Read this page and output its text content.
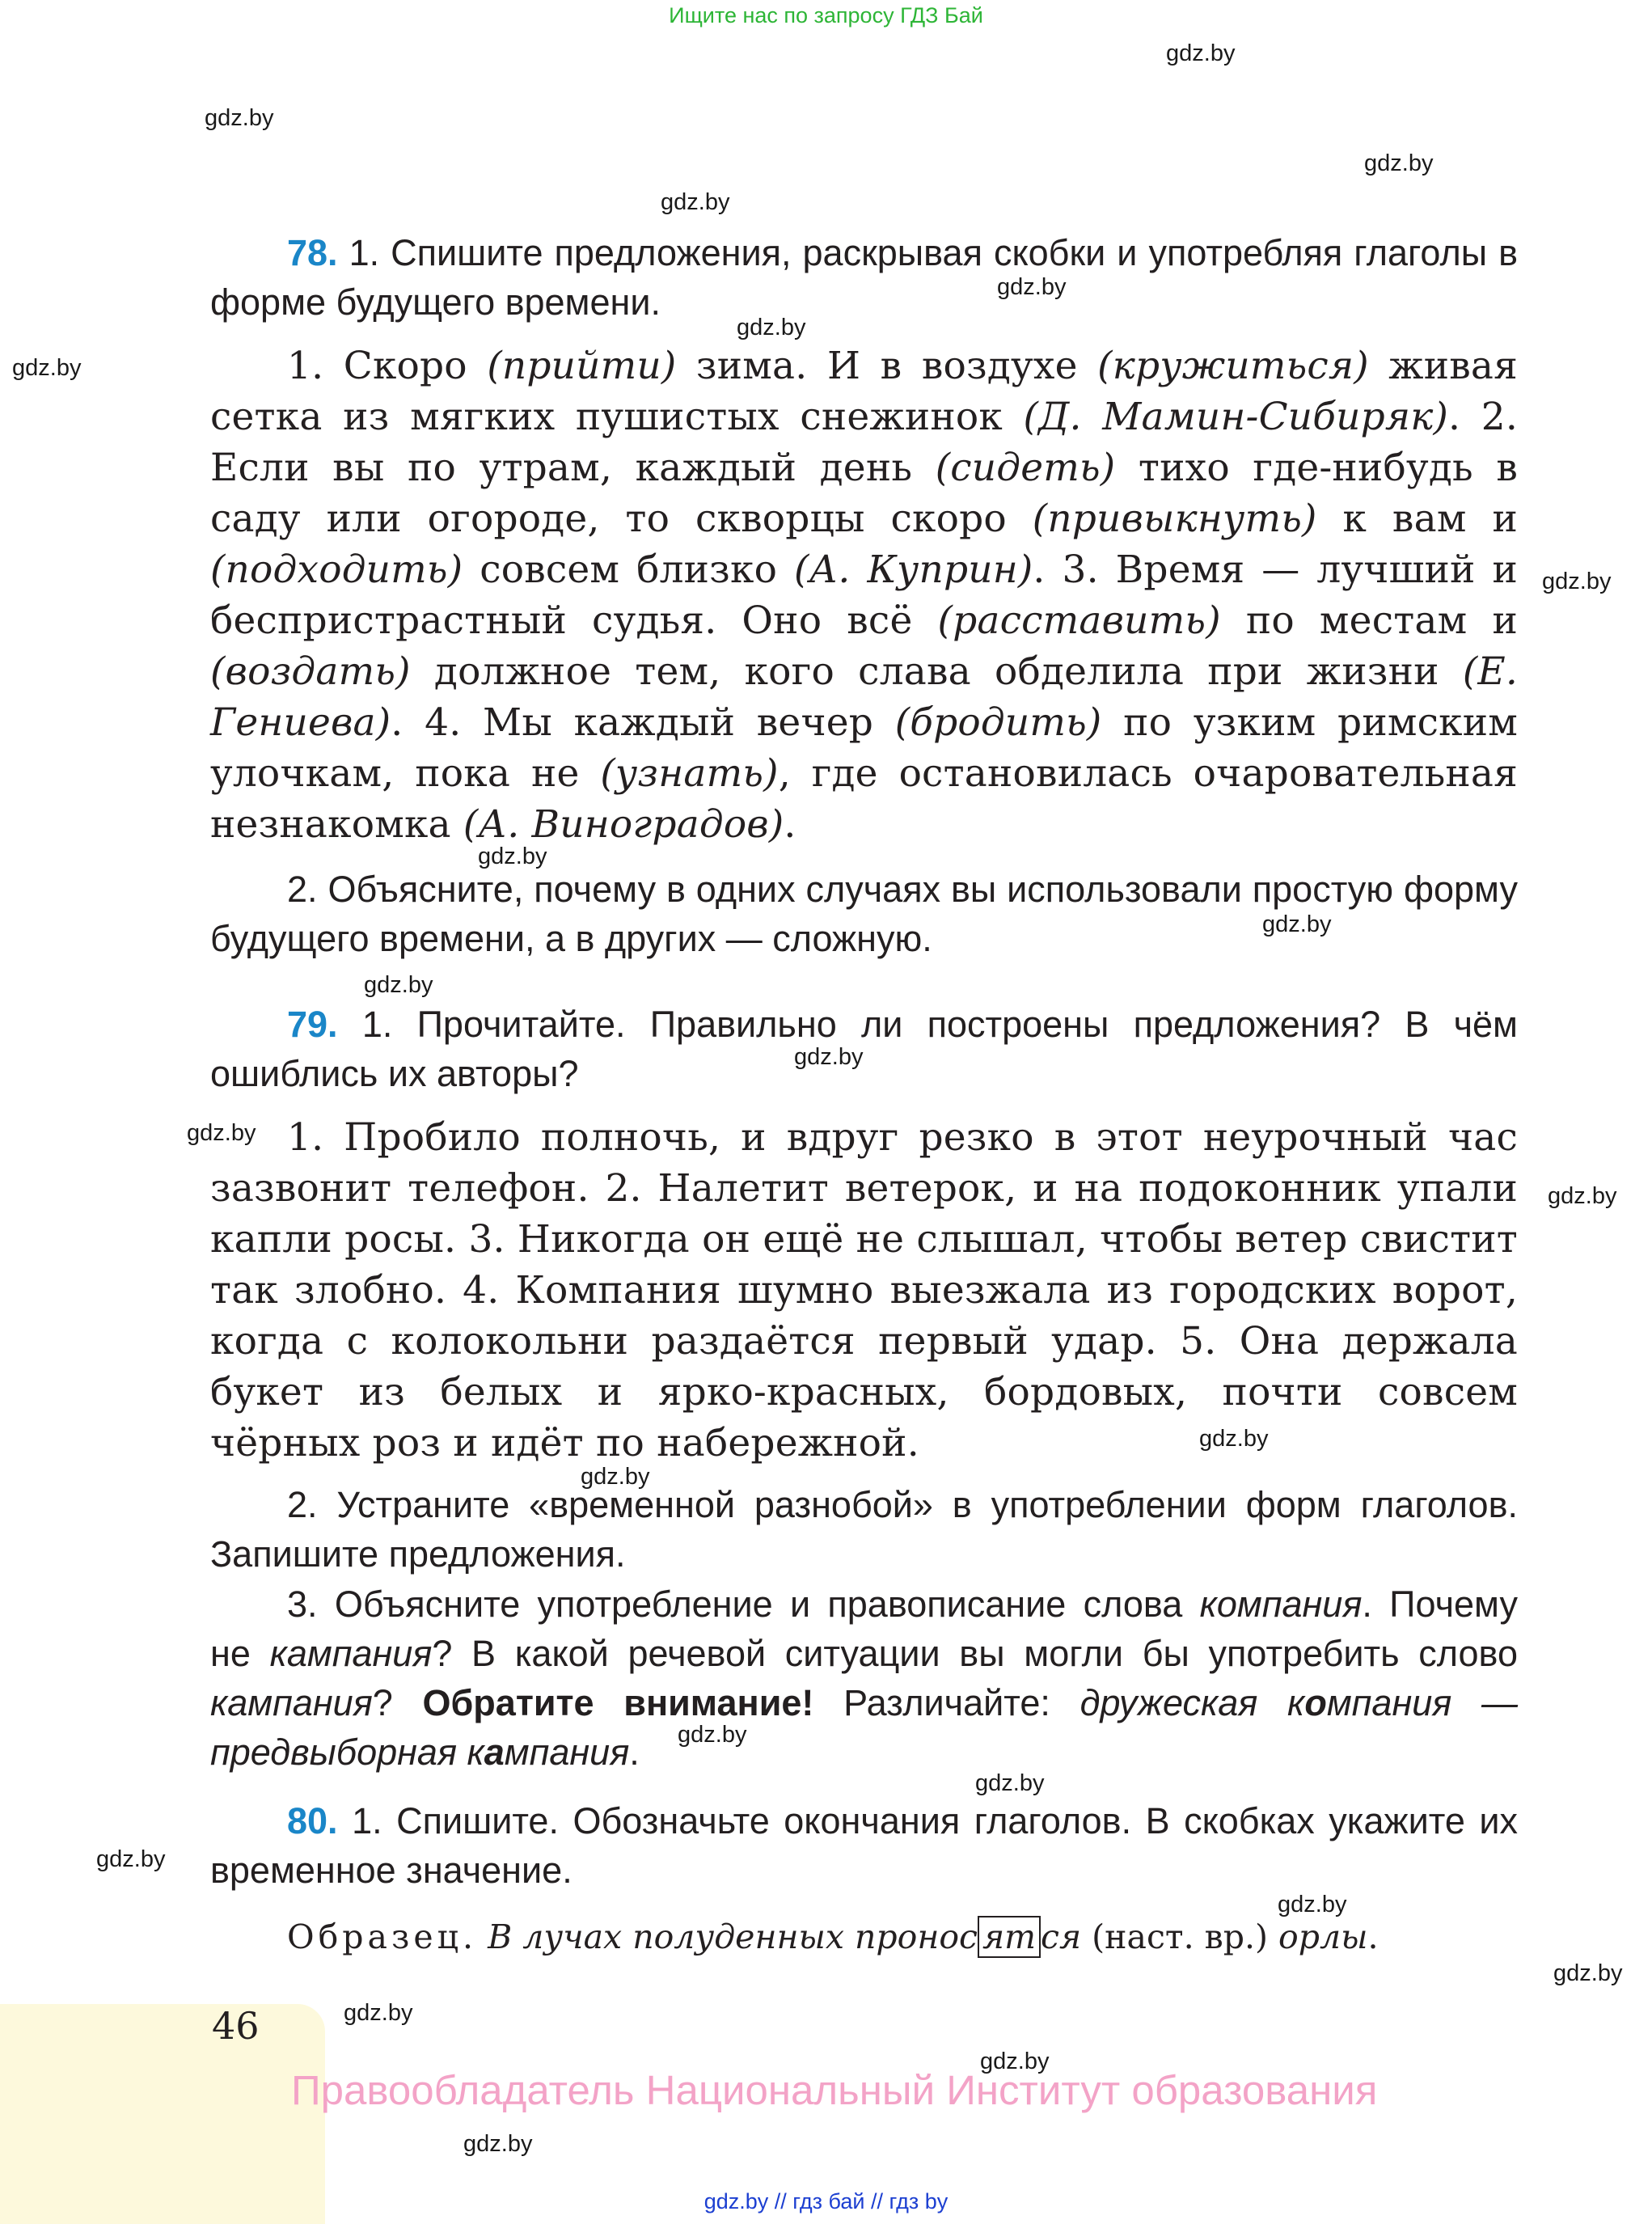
Ищите нас по запросу ГДЗ Бай
gdz.by
gdz.by
gdz.by
gdz.by
gdz.by
gdz.by
gdz.by
gdz.by
gdz.by
gdz.by
gdz.by
gdz.by
gdz.by
gdz.by
gdz.by
gdz.by
gdz.by
gdz.by
gdz.by
gdz.by
gdz.by
gdz.by
gdz.by
gdz.by
78. 1. Спишите предложения, раскрывая скобки и употребляя глаголы в форме будущего времени.
1. Скоро (прийти) зима. И в воздухе (кружиться) живая сетка из мягких пушистых снежинок (Д. Мамин-Сибиряк). 2. Если вы по утрам, каждый день (сидеть) тихо где-нибудь в саду или огороде, то скворцы скоро (привыкнуть) к вам и (подходить) совсем близко (А. Куприн). 3. Время — лучший и беспристрастный судья. Оно всё (расставить) по местам и (воздать) должное тем, кого слава обделила при жизни (Е. Гениева). 4. Мы каждый вечер (бродить) по узким римским улочкам, пока не (узнать), где остановилась очаровательная незнакомка (А. Виноградов).
2. Объясните, почему в одних случаях вы использовали простую форму будущего времени, а в других — сложную.
79. 1. Прочитайте. Правильно ли построены предложения? В чём ошиблись их авторы?
1. Пробило полночь, и вдруг резко в этот неурочный час зазвонит телефон. 2. Налетит ветерок, и на подоконник упали капли росы. 3. Никогда он ещё не слышал, чтобы ветер свистит так злобно. 4. Компания шумно выезжала из городских ворот, когда с колокольни раздаётся первый удар. 5. Она держала букет из белых и ярко-красных, бордовых, почти совсем чёрных роз и идёт по набережной.
2. Устраните «временной разнобой» в употреблении форм глаголов. Запишите предложения.
3. Объясните употребление и правописание слова компания. Почему не кампания? В какой речевой ситуации вы могли бы употребить слово кампания? Обратите внимание! Различайте: дружеская компания — предвыборная кампания.
80. 1. Спишите. Обозначьте окончания глаголов. В скобках укажите их временное значение.
Образец. В лучах полуденных пронос ят ся (наст. вр.) орлы.
46
Правообладатель Национальный Институт образования
gdz.by // гдз бай // гдз by
